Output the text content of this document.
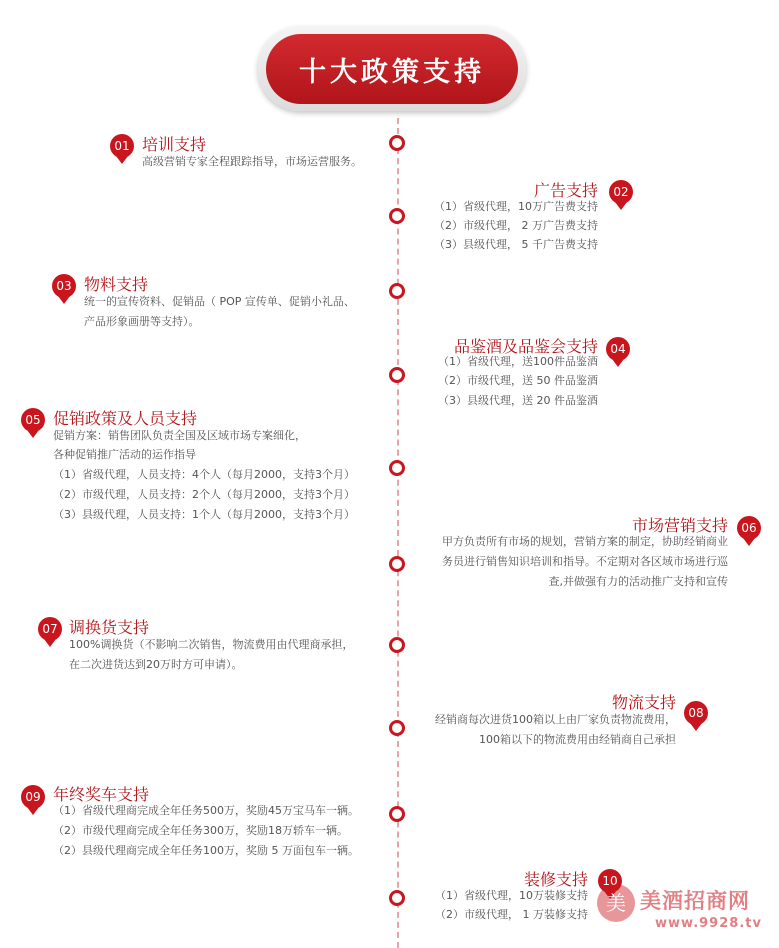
十大政策支持
01 培训支持
高级营销专家全程跟踪指导，市场运营服务。
02
广告支持
（1）省级代理，10万广告费支持
（2）市级代理， 2 万广告费支持
（3）县级代理， 5 千广告费支持
03 物料支持
统一的宣传资料、促销品（ POP 宣传单、促销小礼品、
产品形象画册等支持）。
04
品鉴酒及品鉴会支持
（1）省级代理，送100件品鉴酒
（2）市级代理，送 50 件品鉴酒
（3）县级代理，送 20 件品鉴酒
05 促销政策及人员支持
促销方案：销售团队负责全国及区域市场专案细化，
各种促销推广活动的运作指导
（1）省级代理，人员支持：4个人（每月2000，支持3个月）
（2）市级代理，人员支持：2个人（每月2000，支持3个月）
（3）县级代理，人员支持：1个人（每月2000，支持3个月）
06
市场营销支持
甲方负责所有市场的规划，营销方案的制定，协助经销商业
务员进行销售知识培训和指导。不定期对各区域市场进行巡
查,并做强有力的活动推广支持和宣传
07 调换货支持
100%调换货（不影响二次销售，物流费用由代理商承担，
在二次进货达到20万时方可申请）。
08
物流支持
经销商每次进货100箱以上由厂家负责物流费用，
100箱以下的物流费用由经销商自己承担
09 年终奖车支持
（1）省级代理商完成全年任务500万，奖励45万宝马车一辆。
（2）市级代理商完成全年任务300万，奖励18万轿车一辆。
（2）县级代理商完成全年任务100万，奖励 5 万面包车一辆。
10
装修支持
（1）省级代理，10万装修支持
（2）市级代理， 1 万装修支持 美 美酒招商网
www.9928.tv
